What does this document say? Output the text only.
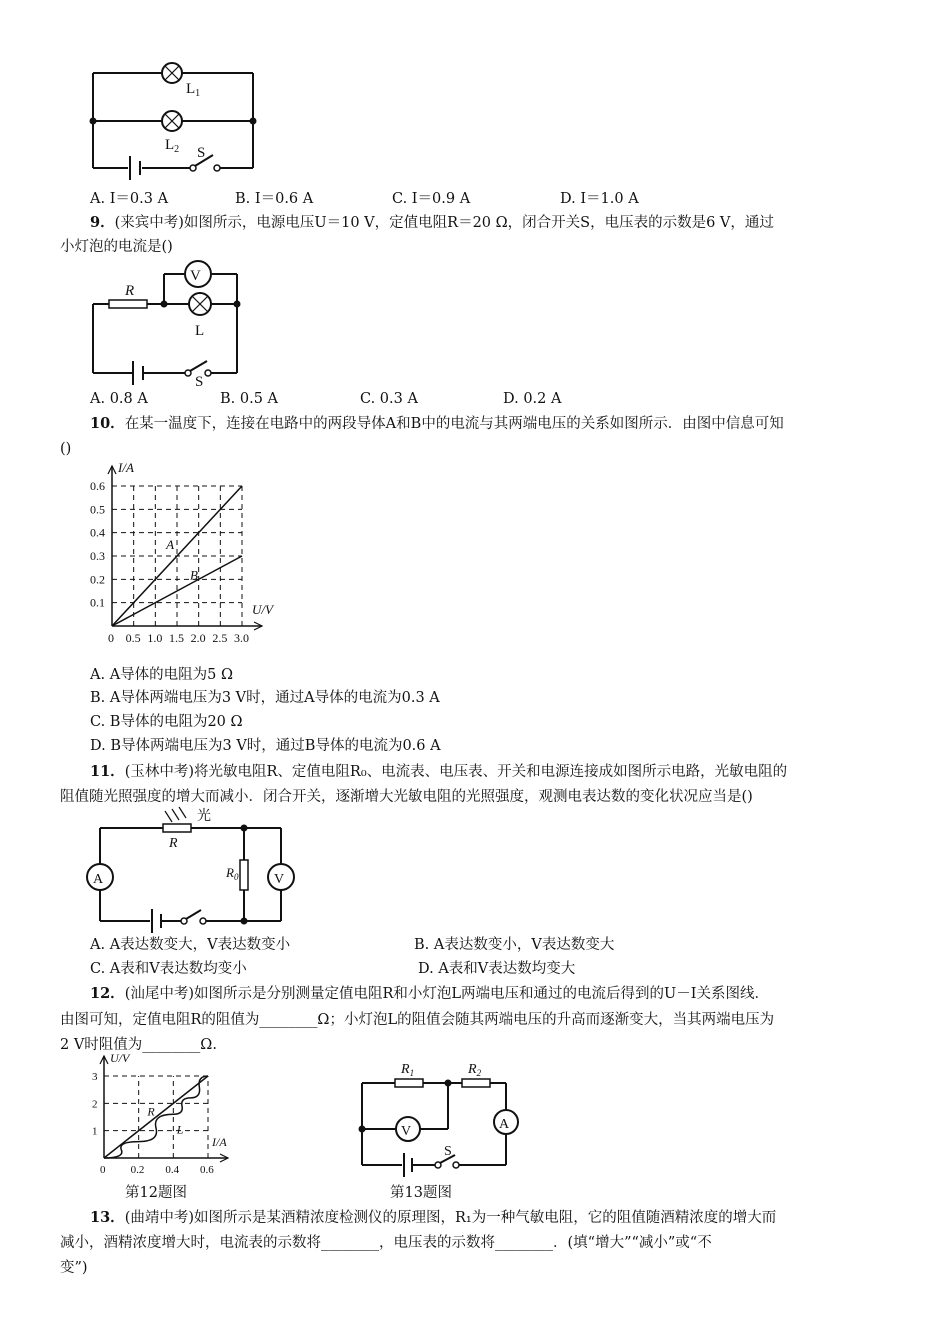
$L_1$
$L_2$ S
A. I＝0.3 A	B. I＝0.6 A	C. I＝0.9 A	D. I＝1.0 A
9．(来宾中考)如图所示，电源电压U＝10 V，定值电阻R＝20 Ω，闭合开关S，电压表的示数是6 V，通过
小灯泡的电流是()
V
R
L
S
A. 0.8 A	B. 0.5 A	C. 0.3 A	D. 0.2 A
10．在某一温度下，连接在电路中的两段导体A和B中的电流与其两端电压的关系如图所示．由图中信息可知
()
0 0.5 1.0 1.5 2.0 2.5 3.0
0.1
0.2
0.3
0.4
0.5
0.6
I/A
U/V
A
B
A. A导体的电阻为5 Ω
B. A导体两端电压为3 V时，通过A导体的电流为0.3 A
C. B导体的电阻为20 Ω
D. B导体两端电压为3 V时，通过B导体的电流为0.6 A
11．(玉林中考)将光敏电阻R、定值电阻R₀、电流表、电压表、开关和电源连接成如图所示电路，光敏电阻的
阻值随光照强度的增大而减小．闭合开关，逐渐增大光敏电阻的光照强度，观测电表达数的变化状况应当是()
光
R
A	$R_0$	V
A. A表达数变大，V表达数变小	B. A表达数变小，V表达数变大
C. A表和V表达数均变小	D. A表和V表达数均变大
12．(汕尾中考)如图所示是分别测量定值电阻R和小灯泡L两端电压和通过的电流后得到的U－I关系图线．
由图可知，定值电阻R的阻值为________Ω；小灯泡L的阻值会随其两端电压的升高而逐渐变大，当其两端电压为
2 V时阻值为________Ω.
0 0.2 0.4 0.6
1
2
3
U/V
I/A
R
L
$R_1$	$R_2$
V	A
S
第12题图	第13题图
13．(曲靖中考)如图所示是某酒精浓度检测仪的原理图，R₁为一种气敏电阻，它的阻值随酒精浓度的增大而
减小，酒精浓度增大时，电流表的示数将________，电压表的示数将________．(填“增大”“减小”或“不
变”)
